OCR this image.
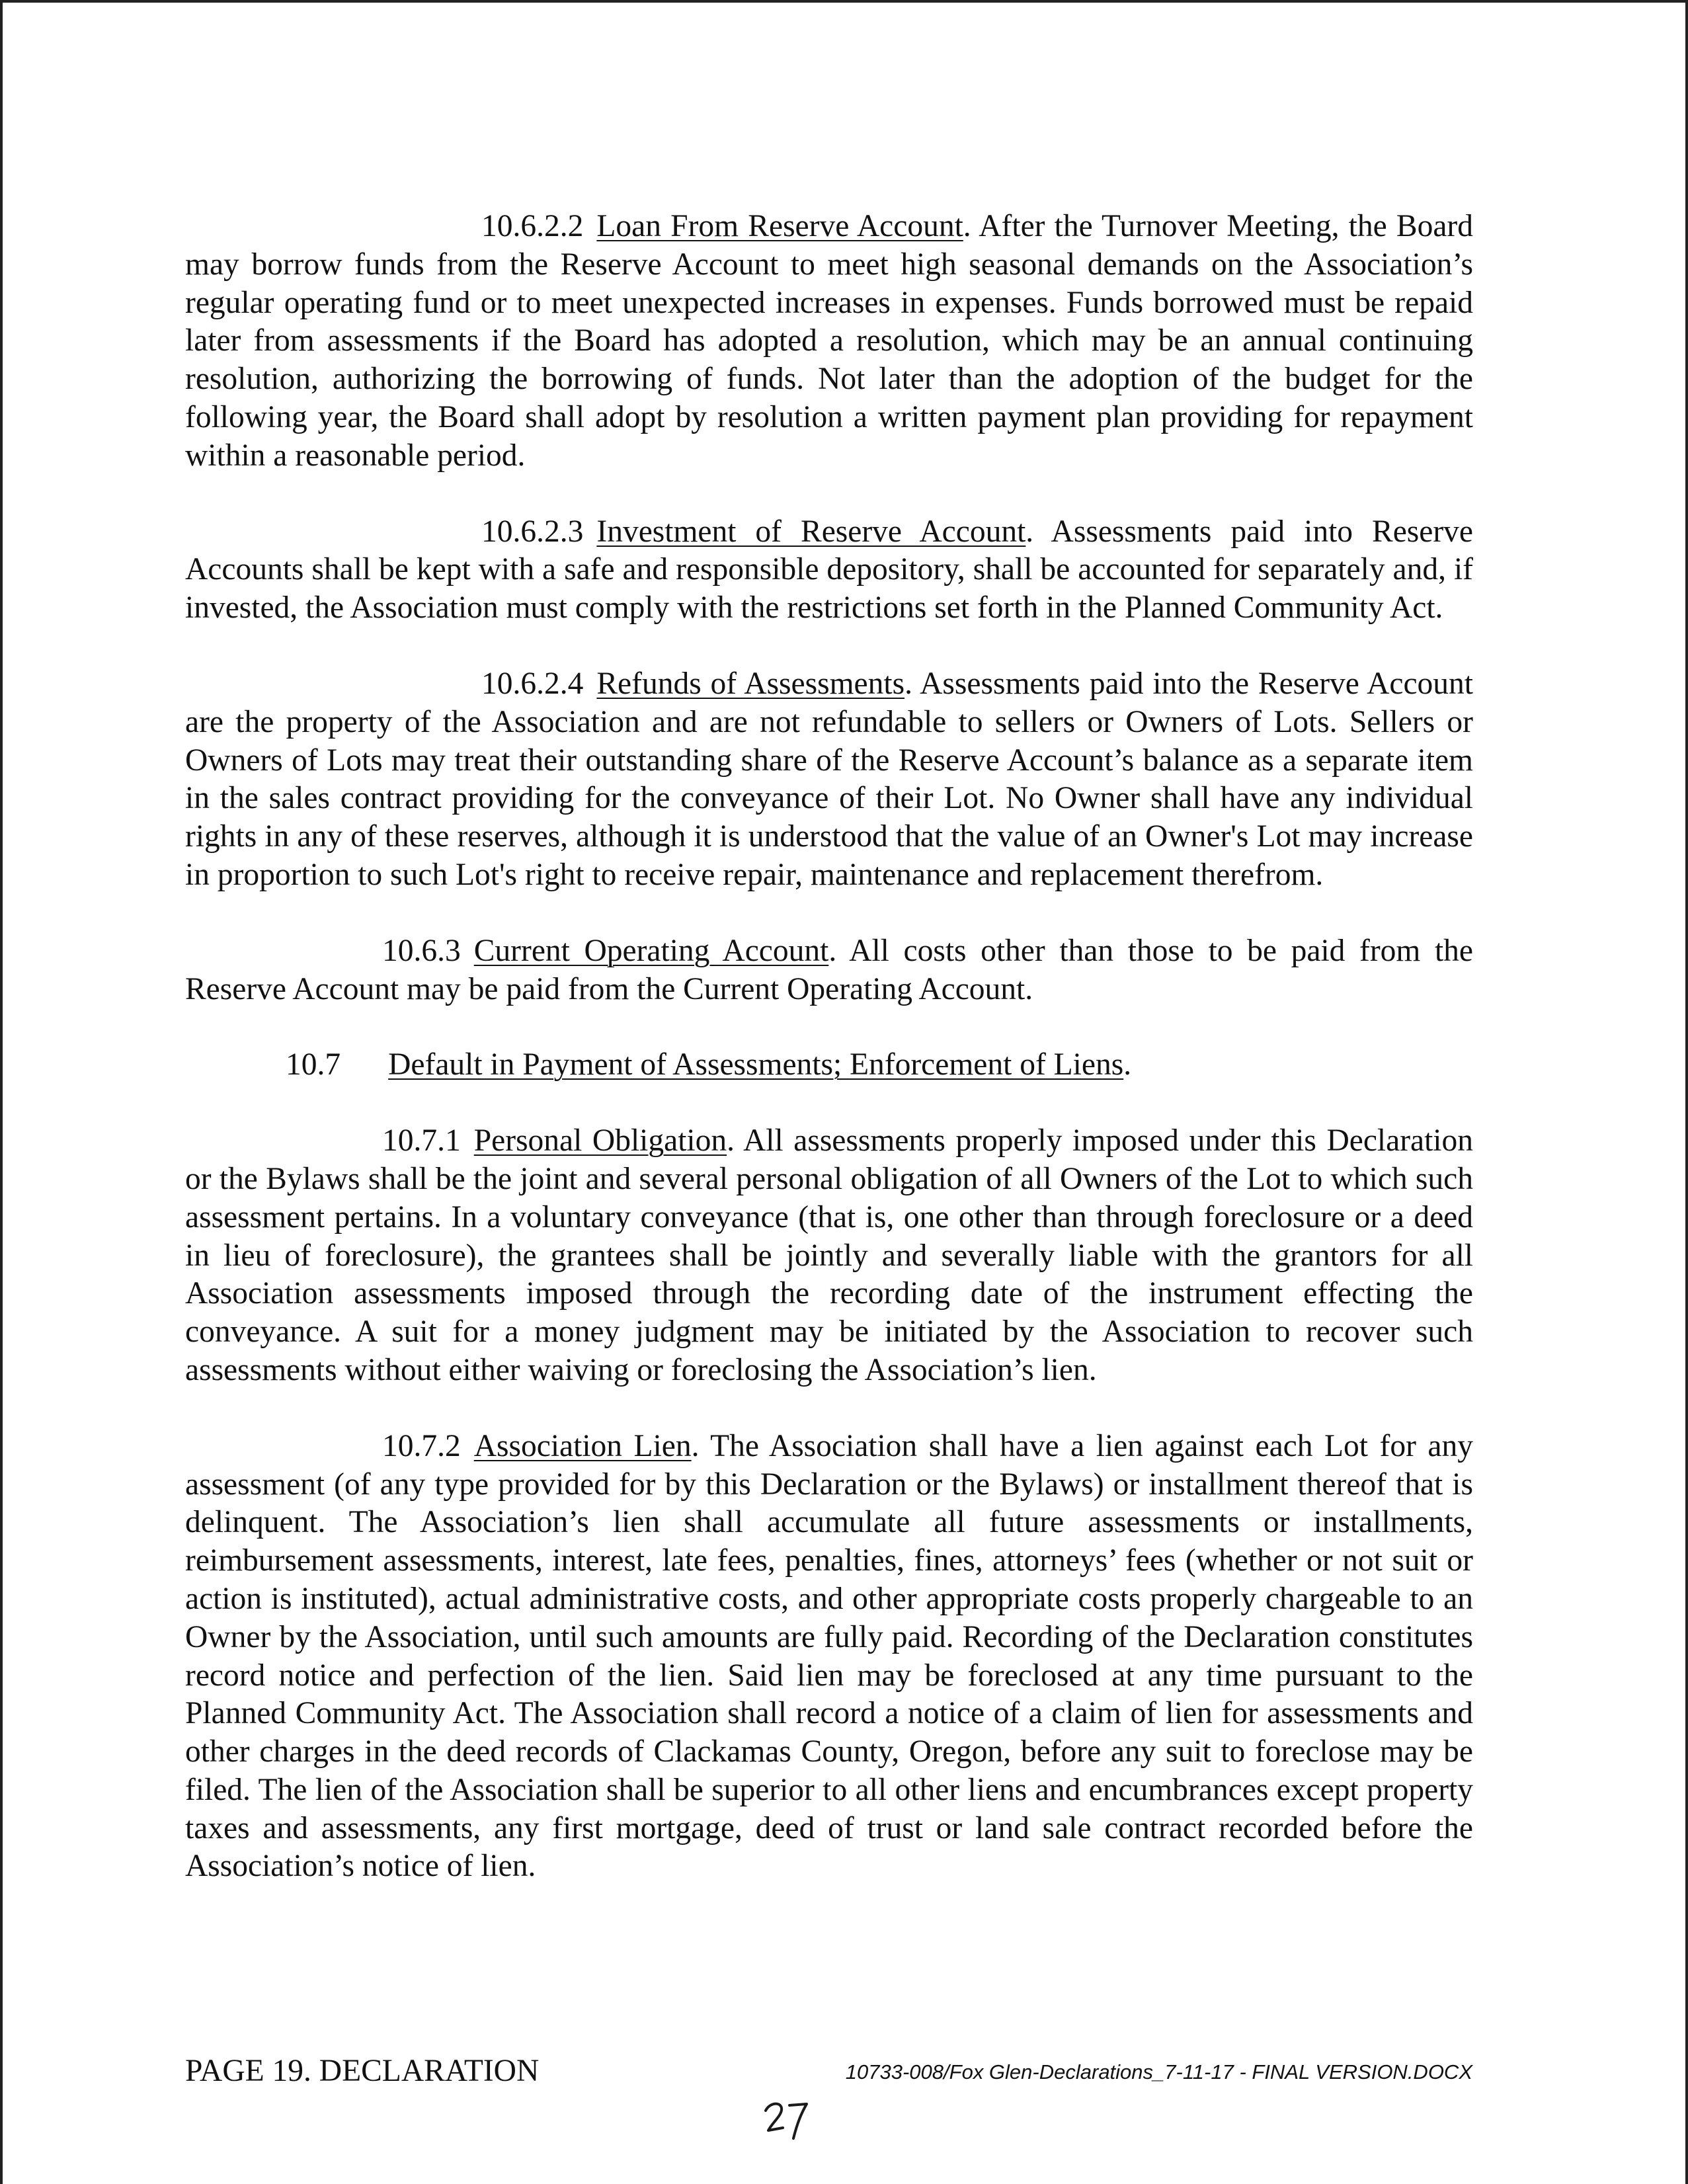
10.6.2.2 Loan From Reserve Account. After the Turnover Meeting, the Board may borrow funds from the Reserve Account to meet high seasonal demands on the Association’s regular operating fund or to meet unexpected increases in expenses. Funds borrowed must be repaid later from assessments if the Board has adopted a resolution, which may be an annual continuing resolution, authorizing the borrowing of funds. Not later than the adoption of the budget for the following year, the Board shall adopt by resolution a written payment plan providing for repayment within a reasonable period.

10.6.2.3 Investment of Reserve Account. Assessments paid into Reserve Accounts shall be kept with a safe and responsible depository, shall be accounted for separately and, if invested, the Association must comply with the restrictions set forth in the Planned Community Act.

10.6.2.4 Refunds of Assessments. Assessments paid into the Reserve Account are the property of the Association and are not refundable to sellers or Owners of Lots. Sellers or Owners of Lots may treat their outstanding share of the Reserve Account’s balance as a separate item in the sales contract providing for the conveyance of their Lot. No Owner shall have any individual rights in any of these reserves, although it is understood that the value of an Owner's Lot may increase in proportion to such Lot's right to receive repair, maintenance and replacement therefrom.

10.6.3 Current Operating Account. All costs other than those to be paid from the Reserve Account may be paid from the Current Operating Account.

10.7 Default in Payment of Assessments; Enforcement of Liens.

10.7.1 Personal Obligation. All assessments properly imposed under this Declaration or the Bylaws shall be the joint and several personal obligation of all Owners of the Lot to which such assessment pertains. In a voluntary conveyance (that is, one other than through foreclosure or a deed in lieu of foreclosure), the grantees shall be jointly and severally liable with the grantors for all Association assessments imposed through the recording date of the instrument effecting the conveyance. A suit for a money judgment may be initiated by the Association to recover such assessments without either waiving or foreclosing the Association’s lien.

10.7.2 Association Lien. The Association shall have a lien against each Lot for any assessment (of any type provided for by this Declaration or the Bylaws) or installment thereof that is delinquent. The Association’s lien shall accumulate all future assessments or installments, reimbursement assessments, interest, late fees, penalties, fines, attorneys’ fees (whether or not suit or action is instituted), actual administrative costs, and other appropriate costs properly chargeable to an Owner by the Association, until such amounts are fully paid. Recording of the Declaration constitutes record notice and perfection of the lien. Said lien may be foreclosed at any time pursuant to the Planned Community Act. The Association shall record a notice of a claim of lien for assessments and other charges in the deed records of Clackamas County, Oregon, before any suit to foreclose may be filed. The lien of the Association shall be superior to all other liens and encumbrances except property taxes and assessments, any first mortgage, deed of trust or land sale contract recorded before the Association’s notice of lien.

PAGE 19. DECLARATION	10733-008/Fox Glen-Declarations_7-11-17 - FINAL VERSION.DOCX
